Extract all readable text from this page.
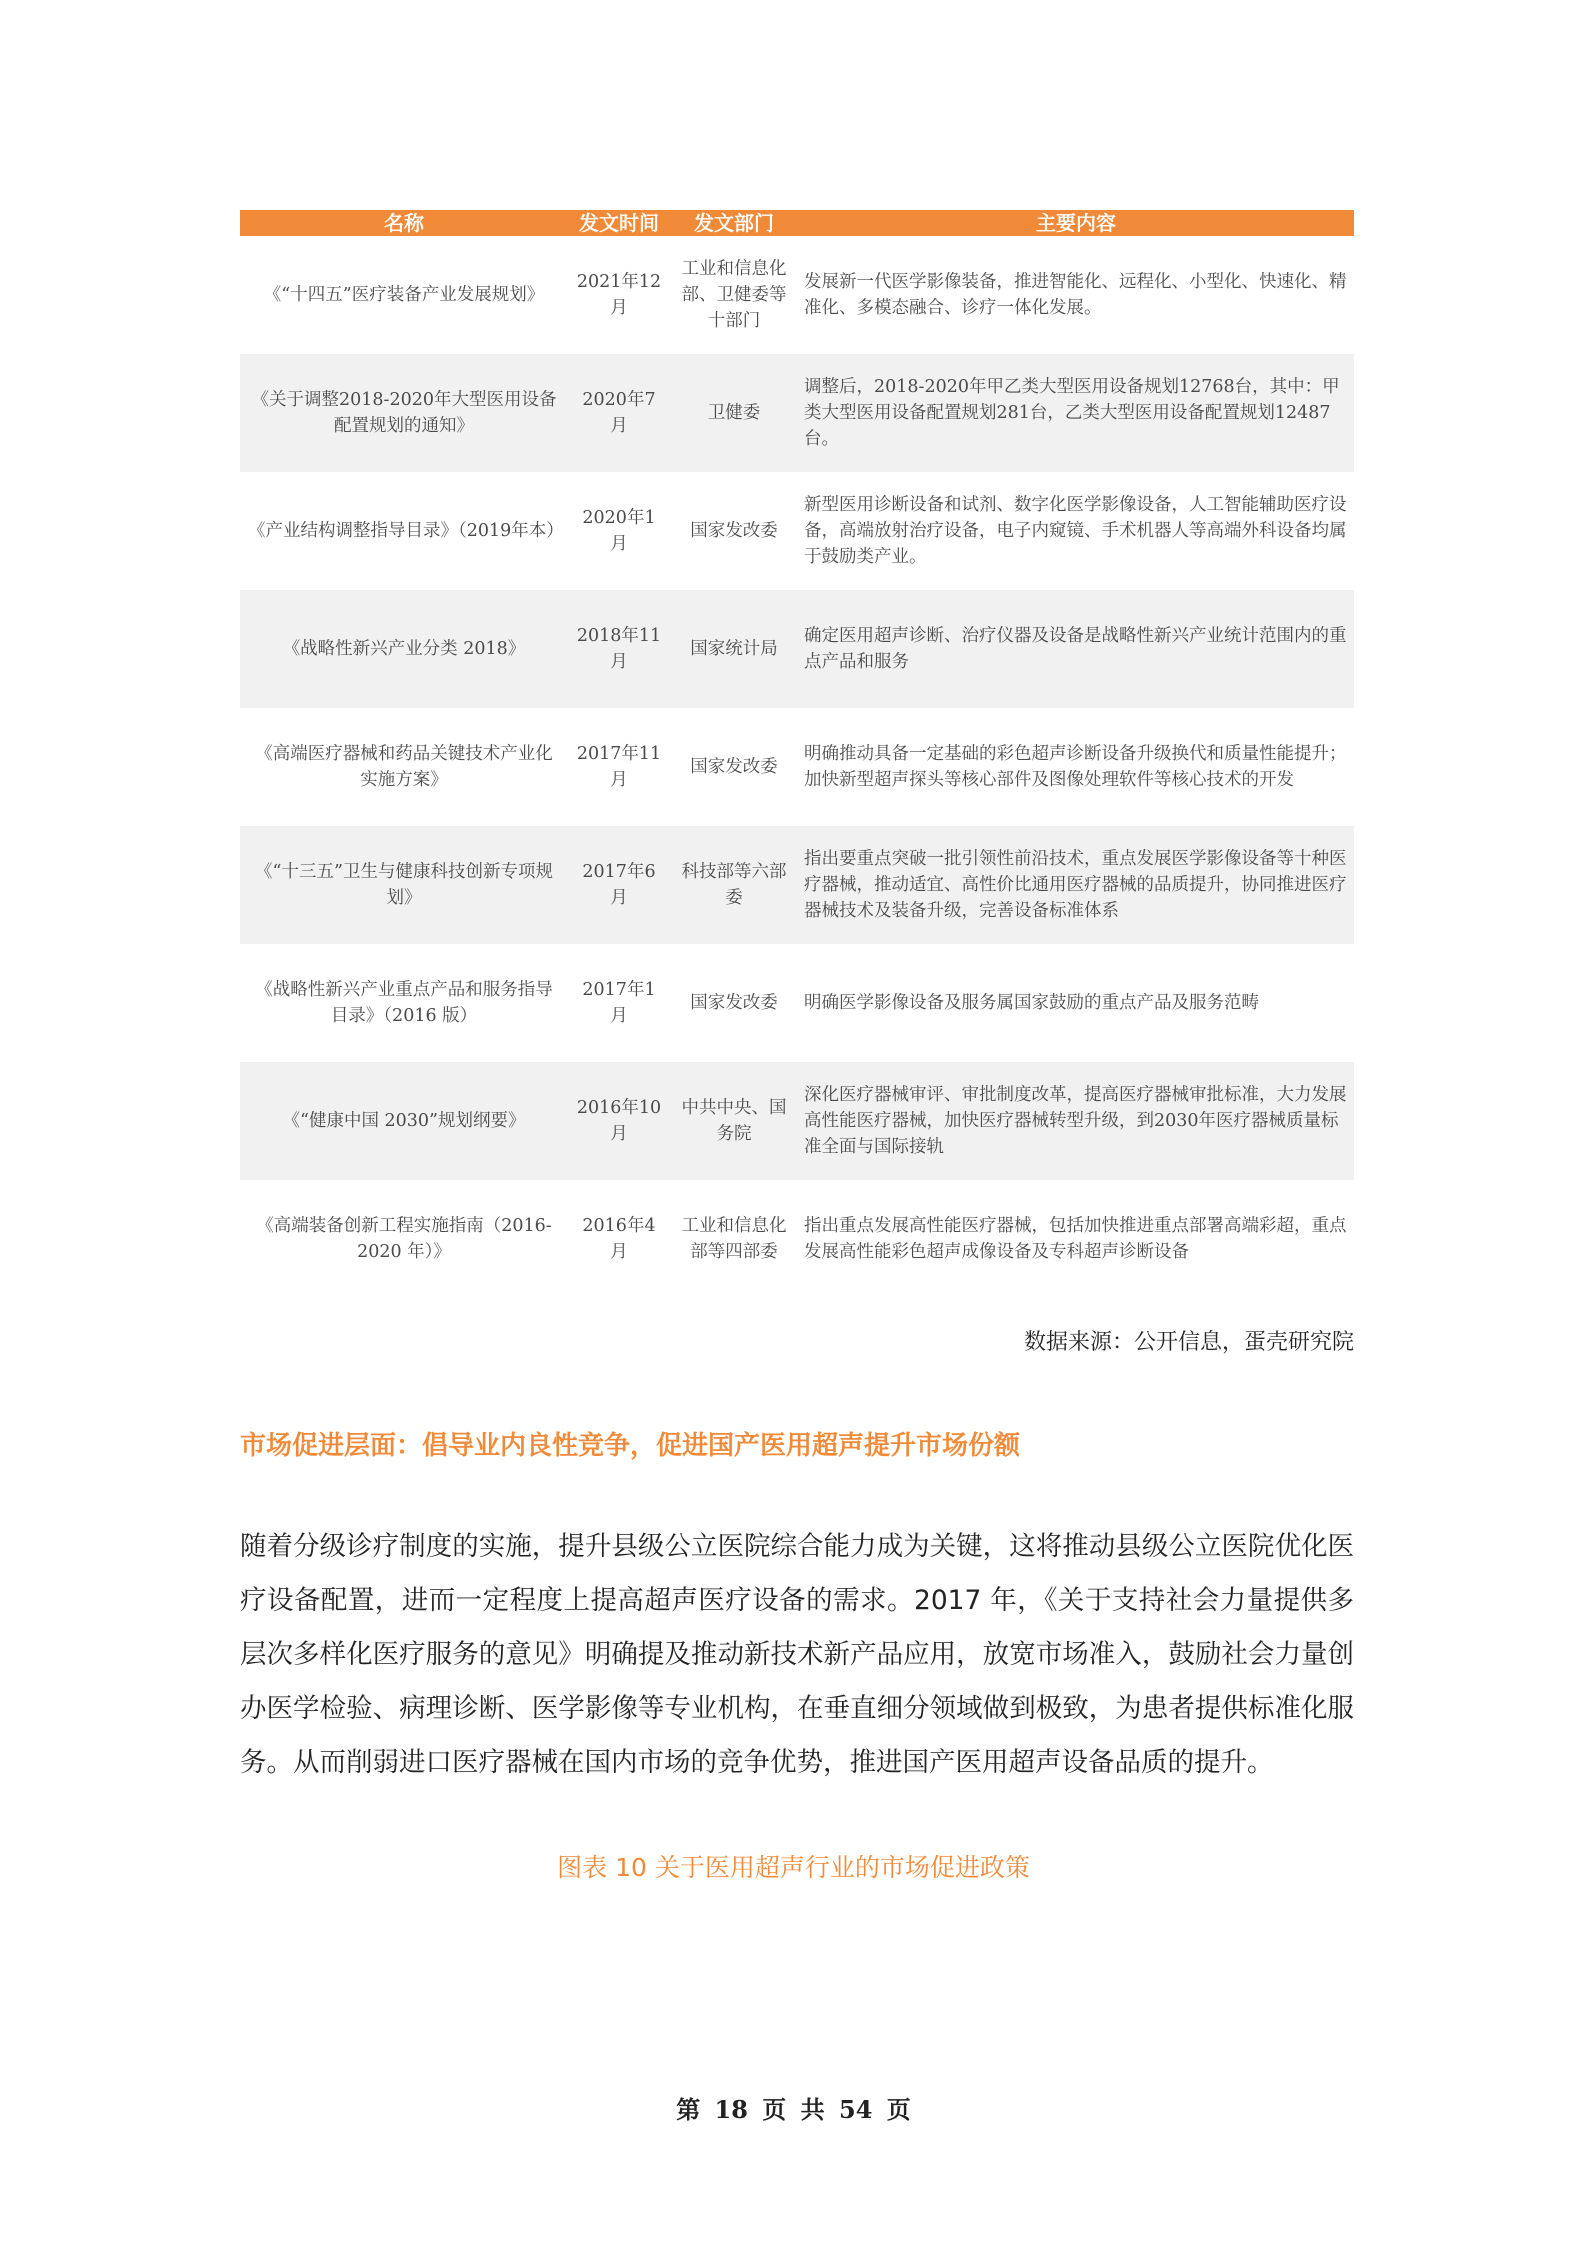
名称	发文时间	发文部门	主要内容
《“十四五”医疗装备产业发展规划》	2021年12月	工业和信息化部、卫健委等十部门	发展新一代医学影像装备，推进智能化、远程化、小型化、快速化、精准化、多模态融合、诊疗一体化发展。
《关于调整2018-2020年大型医用设备配置规划的通知》	2020年7月	卫健委	调整后，2018-2020年甲乙类大型医用设备规划12768台，其中：甲类大型医用设备配置规划281台，乙类大型医用设备配置规划12487台。
《产业结构调整指导目录》（2019年本）	2020年1月	国家发改委	新型医用诊断设备和试剂、数字化医学影像设备，人工智能辅助医疗设备，高端放射治疗设备，电子内窥镜、手术机器人等高端外科设备均属于鼓励类产业。
《战略性新兴产业分类 2018》	2018年11月	国家统计局	确定医用超声诊断、治疗仪器及设备是战略性新兴产业统计范围内的重点产品和服务
《高端医疗器械和药品关键技术产业化实施方案》	2017年11月	国家发改委	明确推动具备一定基础的彩色超声诊断设备升级换代和质量性能提升；加快新型超声探头等核心部件及图像处理软件等核心技术的开发
《“十三五”卫生与健康科技创新专项规划》	2017年6月	科技部等六部委	指出要重点突破一批引领性前沿技术，重点发展医学影像设备等十种医疗器械，推动适宜、高性价比通用医疗器械的品质提升，协同推进医疗器械技术及装备升级，完善设备标准体系
《战略性新兴产业重点产品和服务指导目录》（2016 版）	2017年1月	国家发改委	明确医学影像设备及服务属国家鼓励的重点产品及服务范畴
《“健康中国 2030”规划纲要》	2016年10月	中共中央、国务院	深化医疗器械审评、审批制度改革，提高医疗器械审批标准，大力发展高性能医疗器械，加快医疗器械转型升级，到2030年医疗器械质量标准全面与国际接轨
《高端装备创新工程实施指南（2016-2020 年）》	2016年4月	工业和信息化部等四部委	指出重点发展高性能医疗器械，包括加快推进重点部署高端彩超，重点发展高性能彩色超声成像设备及专科超声诊断设备
数据来源：公开信息，蛋壳研究院
市场促进层面：倡导业内良性竞争，促进国产医用超声提升市场份额

随着分级诊疗制度的实施，提升县级公立医院综合能力成为关键，这将推动县级公立医院优化医疗设备配置，进而一定程度上提高超声医疗设备的需求。2017 年，《关于支持社会力量提供多层次多样化医疗服务的意见》明确提及推动新技术新产品应用，放宽市场准入，鼓励社会力量创办医学检验、病理诊断、医学影像等专业机构，在垂直细分领域做到极致，为患者提供标准化服务。从而削弱进口医疗器械在国内市场的竞争优势，推进国产医用超声设备品质的提升。

图表 10 关于医用超声行业的市场促进政策
第 18 页 共 54 页
